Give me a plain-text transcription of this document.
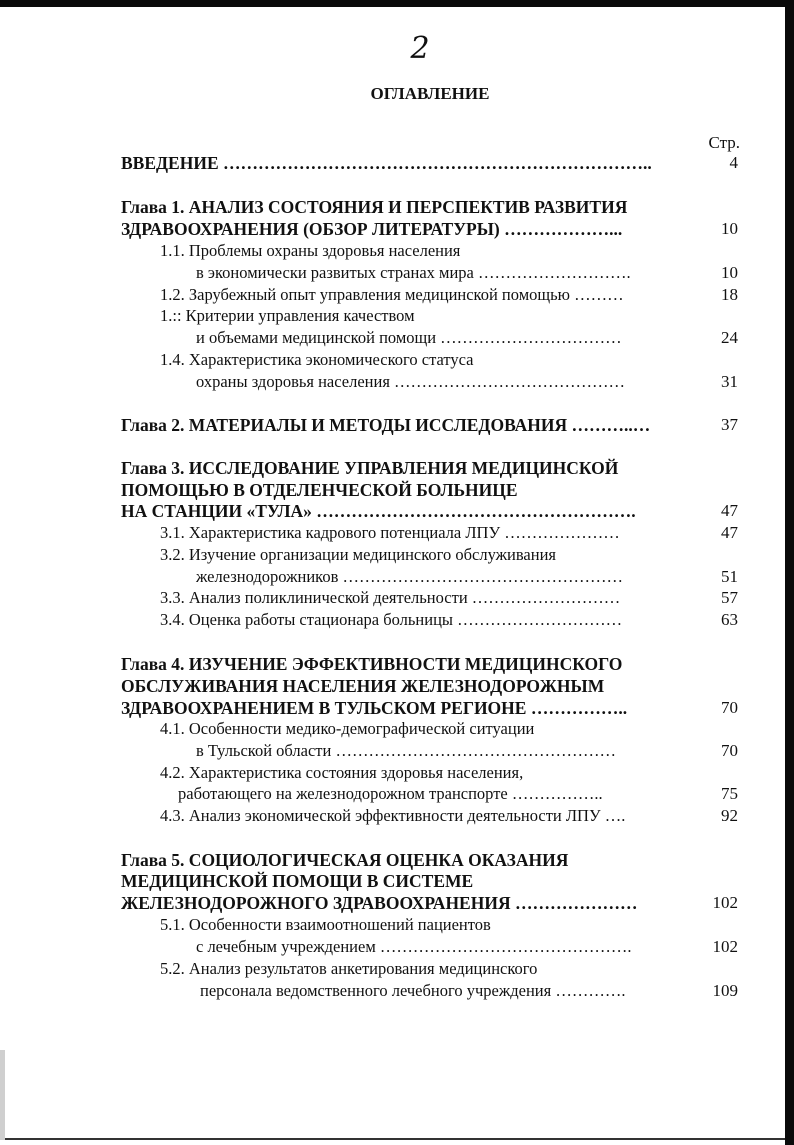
2
ОГЛАВЛЕНИЕ
Стр.
ВВЕДЕНИЕ ………………………………………………………………..	4
Глава 1. АНАЛИЗ СОСТОЯНИЯ И ПЕРСПЕКТИВ РАЗВИТИЯ
ЗДРАВООХРАНЕНИЯ (ОБЗОР ЛИТЕРАТУРЫ) ………………...	10
1.1. Проблемы охраны здоровья населения
в экономически развитых странах мира ……………………….	10
1.2. Зарубежный опыт управления медицинской помощью ………	18
1.:: Критерии управления качеством
и объемами медицинской помощи ……………………………	24
1.4. Характеристика экономического статуса
охраны здоровья населения ……………………………………	31
Глава 2. МАТЕРИАЛЫ И МЕТОДЫ ИССЛЕДОВАНИЯ ………..…	37
Глава 3. ИССЛЕДОВАНИЕ УПРАВЛЕНИЯ МЕДИЦИНСКОЙ
ПОМОЩЬЮ В ОТДЕЛЕНЧЕСКОЙ БОЛЬНИЦЕ
НА СТАНЦИИ «ТУЛА» ……………………………………………….	47
3.1. Характеристика кадрового потенциала ЛПУ …………………	47
3.2. Изучение организации медицинского обслуживания
железнодорожников ……………………………………………	51
3.3. Анализ поликлинической деятельности ………………………	57
3.4. Оценка работы стационара больницы …………………………	63
Глава 4. ИЗУЧЕНИЕ ЭФФЕКТИВНОСТИ МЕДИЦИНСКОГО
ОБСЛУЖИВАНИЯ НАСЕЛЕНИЯ ЖЕЛЕЗНОДОРОЖНЫМ
ЗДРАВООХРАНЕНИЕМ В ТУЛЬСКОМ РЕГИОНЕ ……………..	70
4.1. Особенности медико-демографической ситуации
в Тульской области ……………………………………………	70
4.2. Характеристика состояния здоровья населения,
работающего на железнодорожном транспорте ……………..	75
4.3. Анализ экономической эффективности деятельности ЛПУ ….	92
Глава 5. СОЦИОЛОГИЧЕСКАЯ ОЦЕНКА ОКАЗАНИЯ
МЕДИЦИНСКОЙ ПОМОЩИ В СИСТЕМЕ
ЖЕЛЕЗНОДОРОЖНОГО ЗДРАВООХРАНЕНИЯ …………………	102
5.1. Особенности взаимоотношений пациентов
с лечебным учреждением ……………………………………….	102
5.2. Анализ результатов анкетирования медицинского
персонала ведомственного лечебного учреждения ………….	109
